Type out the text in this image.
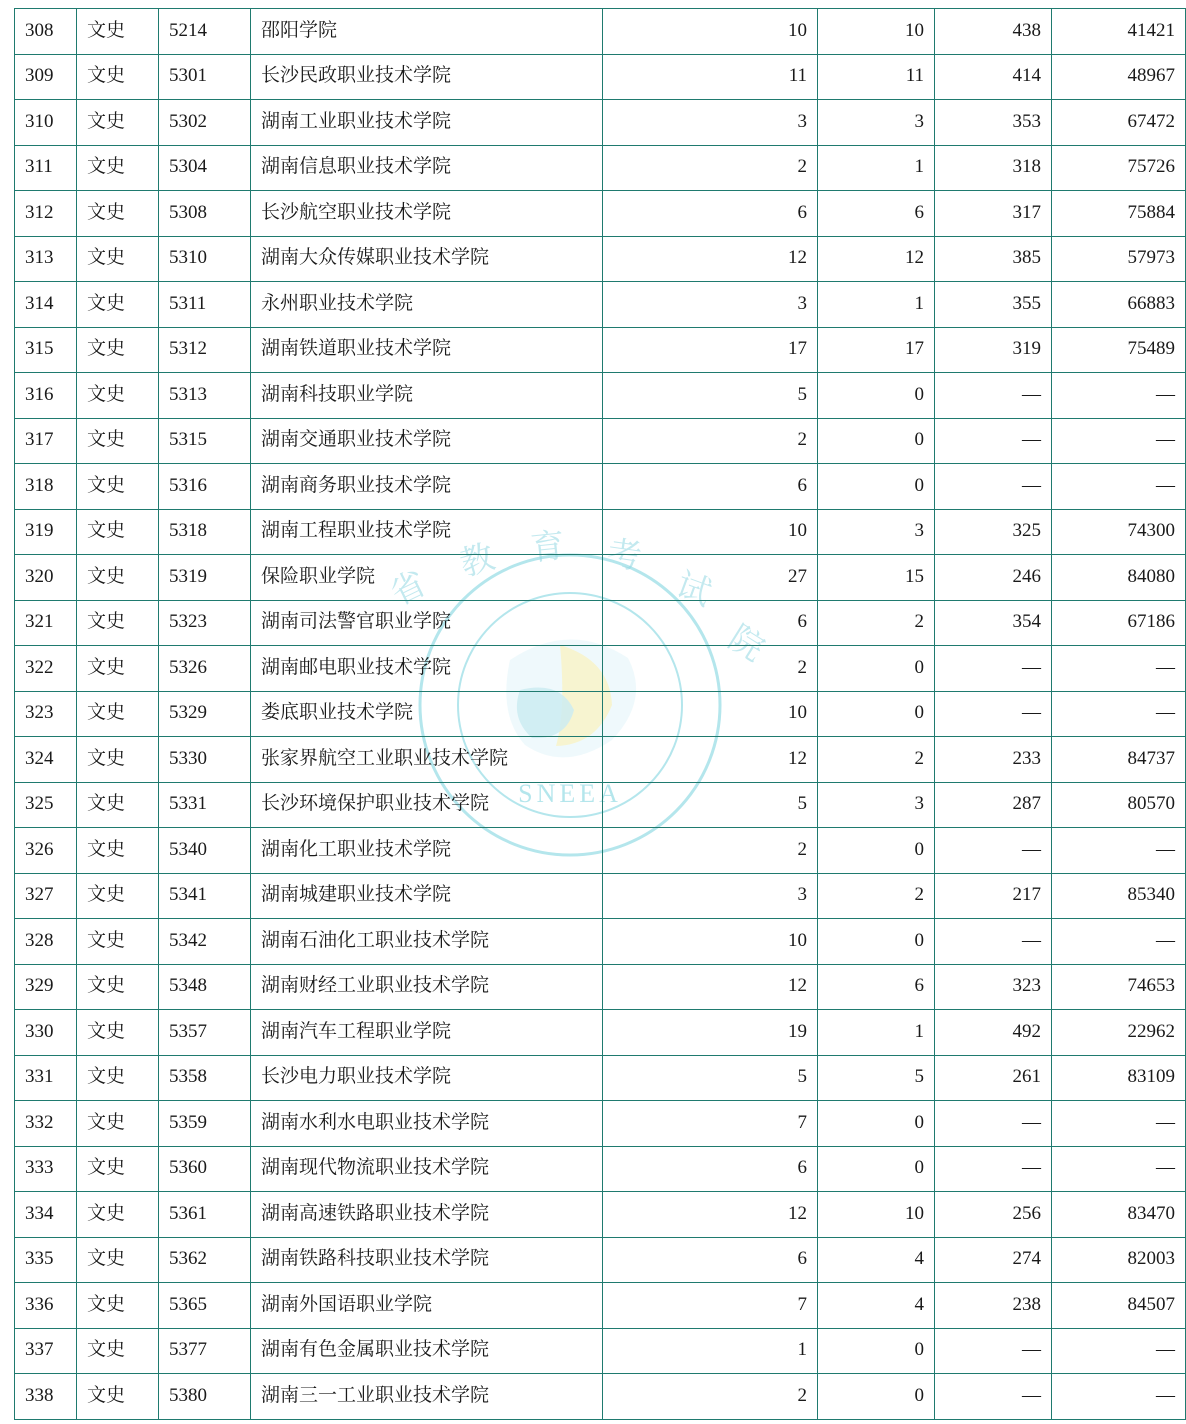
SNEEA
省
教 育 考
试
院
308	文史	5214	邵阳学院	10	10	438	41421
309	文史	5301	长沙民政职业技术学院	11	11	414	48967
310	文史	5302	湖南工业职业技术学院	3	3	353	67472
311	文史	5304	湖南信息职业技术学院	2	1	318	75726
312	文史	5308	长沙航空职业技术学院	6	6	317	75884
313	文史	5310	湖南大众传媒职业技术学院	12	12	385	57973
314	文史	5311	永州职业技术学院	3	1	355	66883
315	文史	5312	湖南铁道职业技术学院	17	17	319	75489
316	文史	5313	湖南科技职业学院	5	0	—	—
317	文史	5315	湖南交通职业技术学院	2	0	—	—
318	文史	5316	湖南商务职业技术学院	6	0	—	—
319	文史	5318	湖南工程职业技术学院	10	3	325	74300
320	文史	5319	保险职业学院	27	15	246	84080
321	文史	5323	湖南司法警官职业学院	6	2	354	67186
322	文史	5326	湖南邮电职业技术学院	2	0	—	—
323	文史	5329	娄底职业技术学院	10	0	—	—
324	文史	5330	张家界航空工业职业技术学院	12	2	233	84737
325	文史	5331	长沙环境保护职业技术学院	5	3	287	80570
326	文史	5340	湖南化工职业技术学院	2	0	—	—
327	文史	5341	湖南城建职业技术学院	3	2	217	85340
328	文史	5342	湖南石油化工职业技术学院	10	0	—	—
329	文史	5348	湖南财经工业职业技术学院	12	6	323	74653
330	文史	5357	湖南汽车工程职业学院	19	1	492	22962
331	文史	5358	长沙电力职业技术学院	5	5	261	83109
332	文史	5359	湖南水利水电职业技术学院	7	0	—	—
333	文史	5360	湖南现代物流职业技术学院	6	0	—	—
334	文史	5361	湖南高速铁路职业技术学院	12	10	256	83470
335	文史	5362	湖南铁路科技职业技术学院	6	4	274	82003
336	文史	5365	湖南外国语职业学院	7	4	238	84507
337	文史	5377	湖南有色金属职业技术学院	1	0	—	—
338	文史	5380	湖南三一工业职业技术学院	2	0	—	—
